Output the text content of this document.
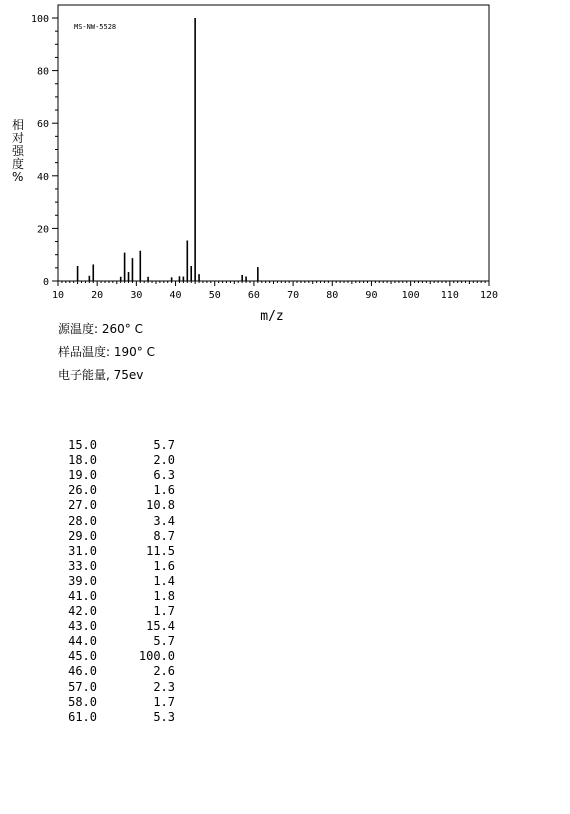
10	20	30	40	50	60	70	80	90 100 110 120
0
20
40
60
80
100
MS-NW-5528
m/z
相
对
强
度
%
源温度: 260° C
样品温度: 190° C
电子能量, 75ev
15.0	5.7
18.0	2.0
19.0	6.3
26.0	1.6
27.0	10.8
28.0	3.4
29.0	8.7
31.0	11.5
33.0	1.6
39.0	1.4
41.0	1.8
42.0	1.7
43.0	15.4
44.0	5.7
45.0	100.0
46.0	2.6
57.0	2.3
58.0	1.7
61.0	5.3
